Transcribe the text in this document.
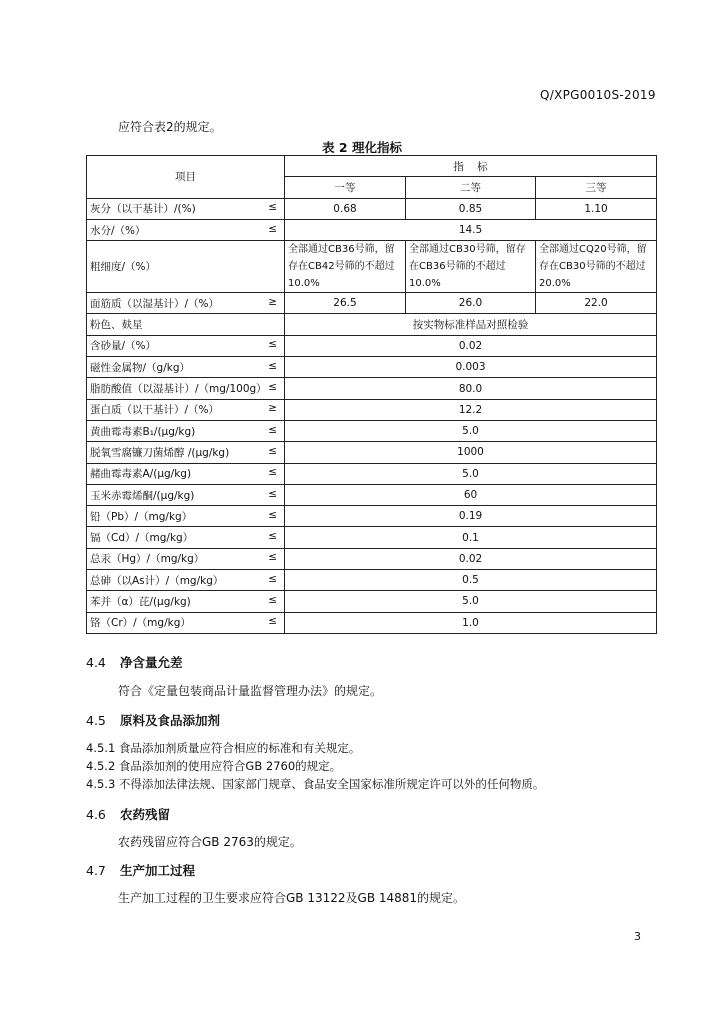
Q/XPG0010S-2019
应符合表2的规定。
表 2 理化指标
项目	指    标		
	一等	二等	三等

灰分（以干基计）/(%) ≤	0.68	0.85	1.10

水分/（%） ≤	14.5		

粗细度/（%）	全部通过CB36号筛，留存在CB42号筛的不超过10.0%	全部通过CB30号筛，留存在CB36号筛的不超过10.0%	全部通过CQ20号筛，留存在CB30号筛的不超过20.0%

面筋质（以湿基计）/（%） ≥	26.5	26.0	22.0

粉色、麸星	按实物标准样品对照检验		

含砂量/（%） ≤	0.02		

磁性金属物/（g/kg） ≤	0.003		

脂肪酸值（以湿基计）/（mg/100g） ≤	80.0		

蛋白质（以干基计）/（%） ≥	12.2		

黄曲霉毒素B₁/(μg/kg) ≤	5.0		

脱氧雪腐镰刀菌烯醇 /(μg/kg) ≤	1000		

赭曲霉毒素A/(μg/kg) ≤	5.0		

玉米赤霉烯酮/(μg/kg) ≤	60		

铅（Pb）/（mg/kg） ≤	0.19		

镉（Cd）/（mg/kg） ≤	0.1		

总汞（Hg）/（mg/kg） ≤	0.02		

总砷（以As计）/（mg/kg） ≤	0.5		

苯并（α）芘/(μg/kg) ≤	5.0		

铬（Cr）/（mg/kg） ≤	1.0		
4.4 净含量允差
符合《定量包装商品计量监督管理办法》的规定。
4.5 原料及食品添加剂
4.5.1 食品添加剂质量应符合相应的标准和有关规定。
4.5.2 食品添加剂的使用应符合GB 2760的规定。
4.5.3 不得添加法律法规、国家部门规章、食品安全国家标准所规定许可以外的任何物质。
4.6 农药残留
农药残留应符合GB 2763的规定。
4.7 生产加工过程
生产加工过程的卫生要求应符合GB 13122及GB 14881的规定。
3
